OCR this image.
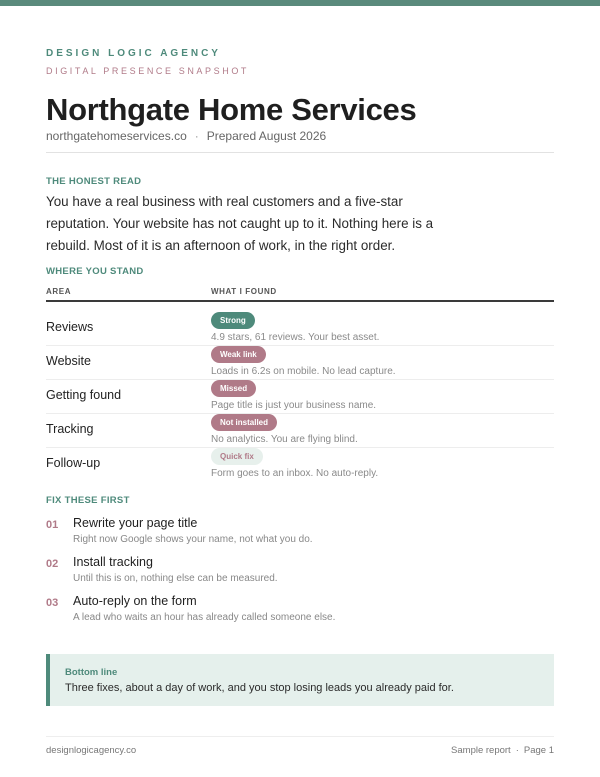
DESIGN LOGIC AGENCY
DIGITAL PRESENCE SNAPSHOT
Northgate Home Services
northgatehomeservices.co · Prepared August 2026
THE HONEST READ

You have a real business with real customers and a five-star reputation. Your website has not caught up to it. Nothing here is a rebuild. Most of it is an afternoon of work, in the right order.

WHERE YOU STAND
AREA	WHAT I FOUND
Reviews	Strong
4.9 stars, 61 reviews. Your best asset.
Website	Weak link
Loads in 6.2s on mobile. No lead capture.
Getting found	Missed
Page title is just your business name.
Tracking	Not installed
No analytics. You are flying blind.
Follow-up	Quick fix
Form goes to an inbox. No auto-reply.
FIX THESE FIRST
01 Rewrite your page title
Right now Google shows your name, not what you do.
02 Install tracking
Until this is on, nothing else can be measured.
03 Auto-reply on the form
A lead who waits an hour has already called someone else.
Bottom line
Three fixes, about a day of work, and you stop losing leads you already paid for.
designlogicagency.co	Sample report · Page 1
